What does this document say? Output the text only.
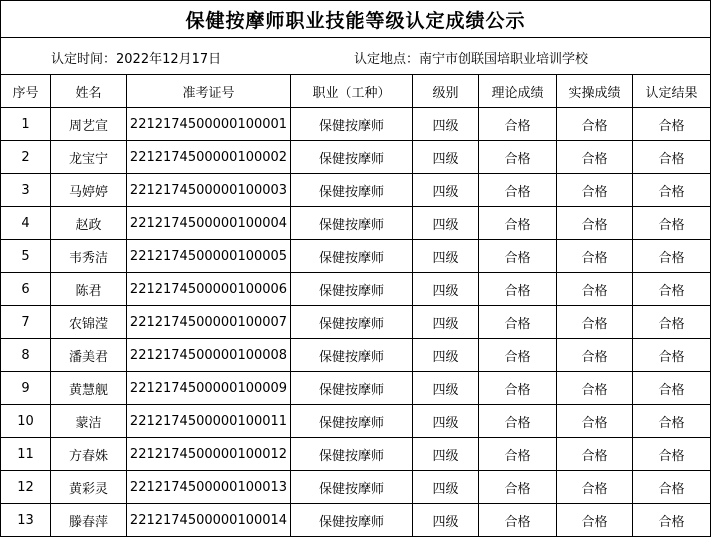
保健按摩师职业技能等级认定成绩公示							

认定时间：2022年12月17日 认定地点：南宁市创联国培职业培训学校							

序号	姓名	准考证号	职业（工种）	级别	理论成绩	实操成绩	认定结果
1	周艺宣	2212174500000100001	保健按摩师	四级	合格	合格	合格
2	龙宝宁	2212174500000100002	保健按摩师	四级	合格	合格	合格
3	马婷婷	2212174500000100003	保健按摩师	四级	合格	合格	合格
4	赵政	2212174500000100004	保健按摩师	四级	合格	合格	合格
5	韦秀洁	2212174500000100005	保健按摩师	四级	合格	合格	合格
6	陈君	2212174500000100006	保健按摩师	四级	合格	合格	合格
7	农锦滢	2212174500000100007	保健按摩师	四级	合格	合格	合格
8	潘美君	2212174500000100008	保健按摩师	四级	合格	合格	合格
9	黄慧舰	2212174500000100009	保健按摩师	四级	合格	合格	合格
10	蒙洁	2212174500000100011	保健按摩师	四级	合格	合格	合格
11	方春姝	2212174500000100012	保健按摩师	四级	合格	合格	合格
12	黄彩灵	2212174500000100013	保健按摩师	四级	合格	合格	合格
13	滕春萍	2212174500000100014	保健按摩师	四级	合格	合格	合格
